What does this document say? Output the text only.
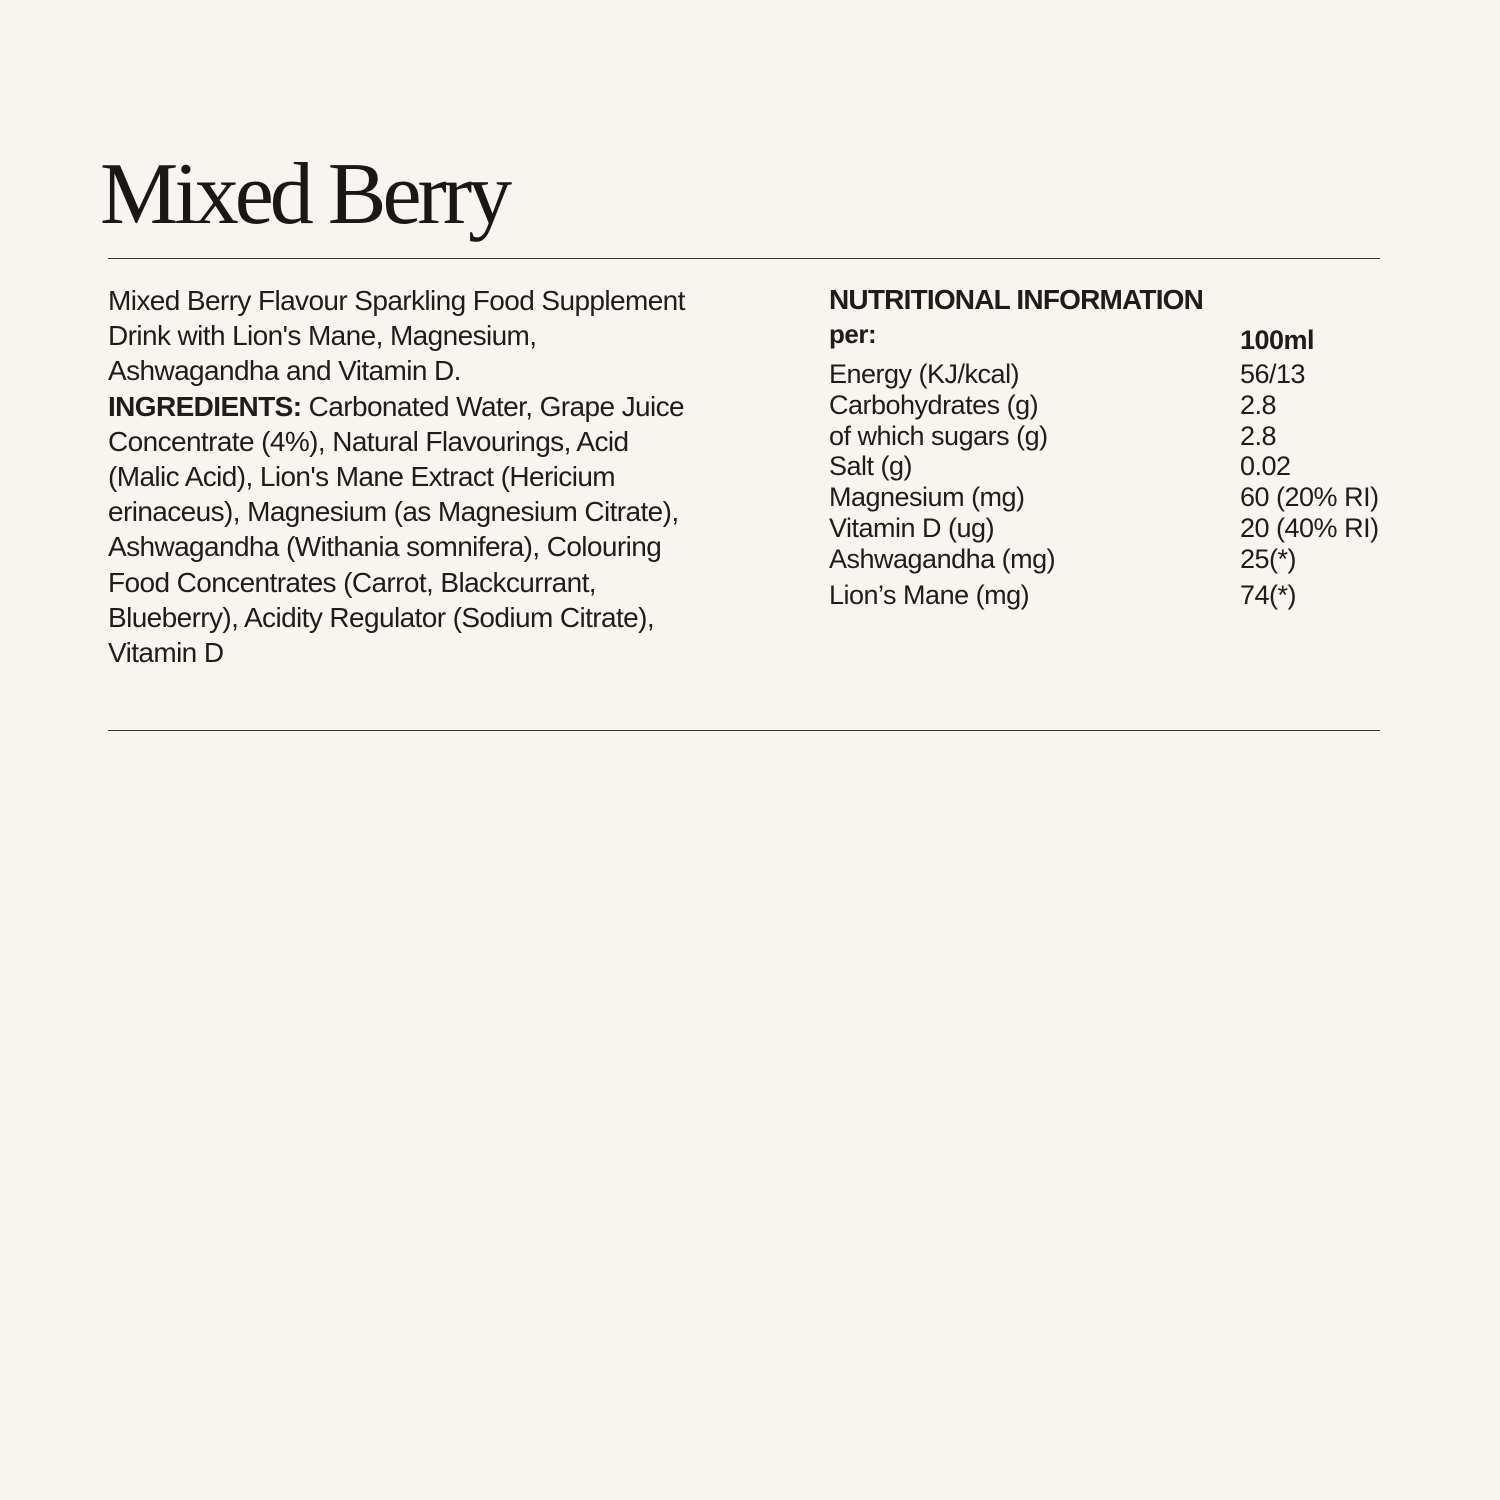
Mixed Berry

Mixed Berry Flavour Sparkling Food Supplement Drink with Lion's Mane, Magnesium, Ashwagandha and Vitamin D.
INGREDIENTS: Carbonated Water, Grape Juice Concentrate (4%), Natural Flavourings, Acid (Malic Acid), Lion's Mane Extract (Hericium erinaceus), Magnesium (as Magnesium Citrate), Ashwagandha (Withania somnifera), Colouring Food Concentrates (Carrot, Blackcurrant, Blueberry), Acidity Regulator (Sodium Citrate), Vitamin D

NUTRITIONAL INFORMATION
per:	100ml
Energy (KJ/kcal)	56/13
Carbohydrates (g)	2.8
of which sugars (g)	2.8
Salt (g)	0.02
Magnesium (mg)	60 (20% RI)
Vitamin D (ug)	20 (40% RI)
Ashwagandha (mg)	25(*)
Lion’s Mane (mg)	74(*)
